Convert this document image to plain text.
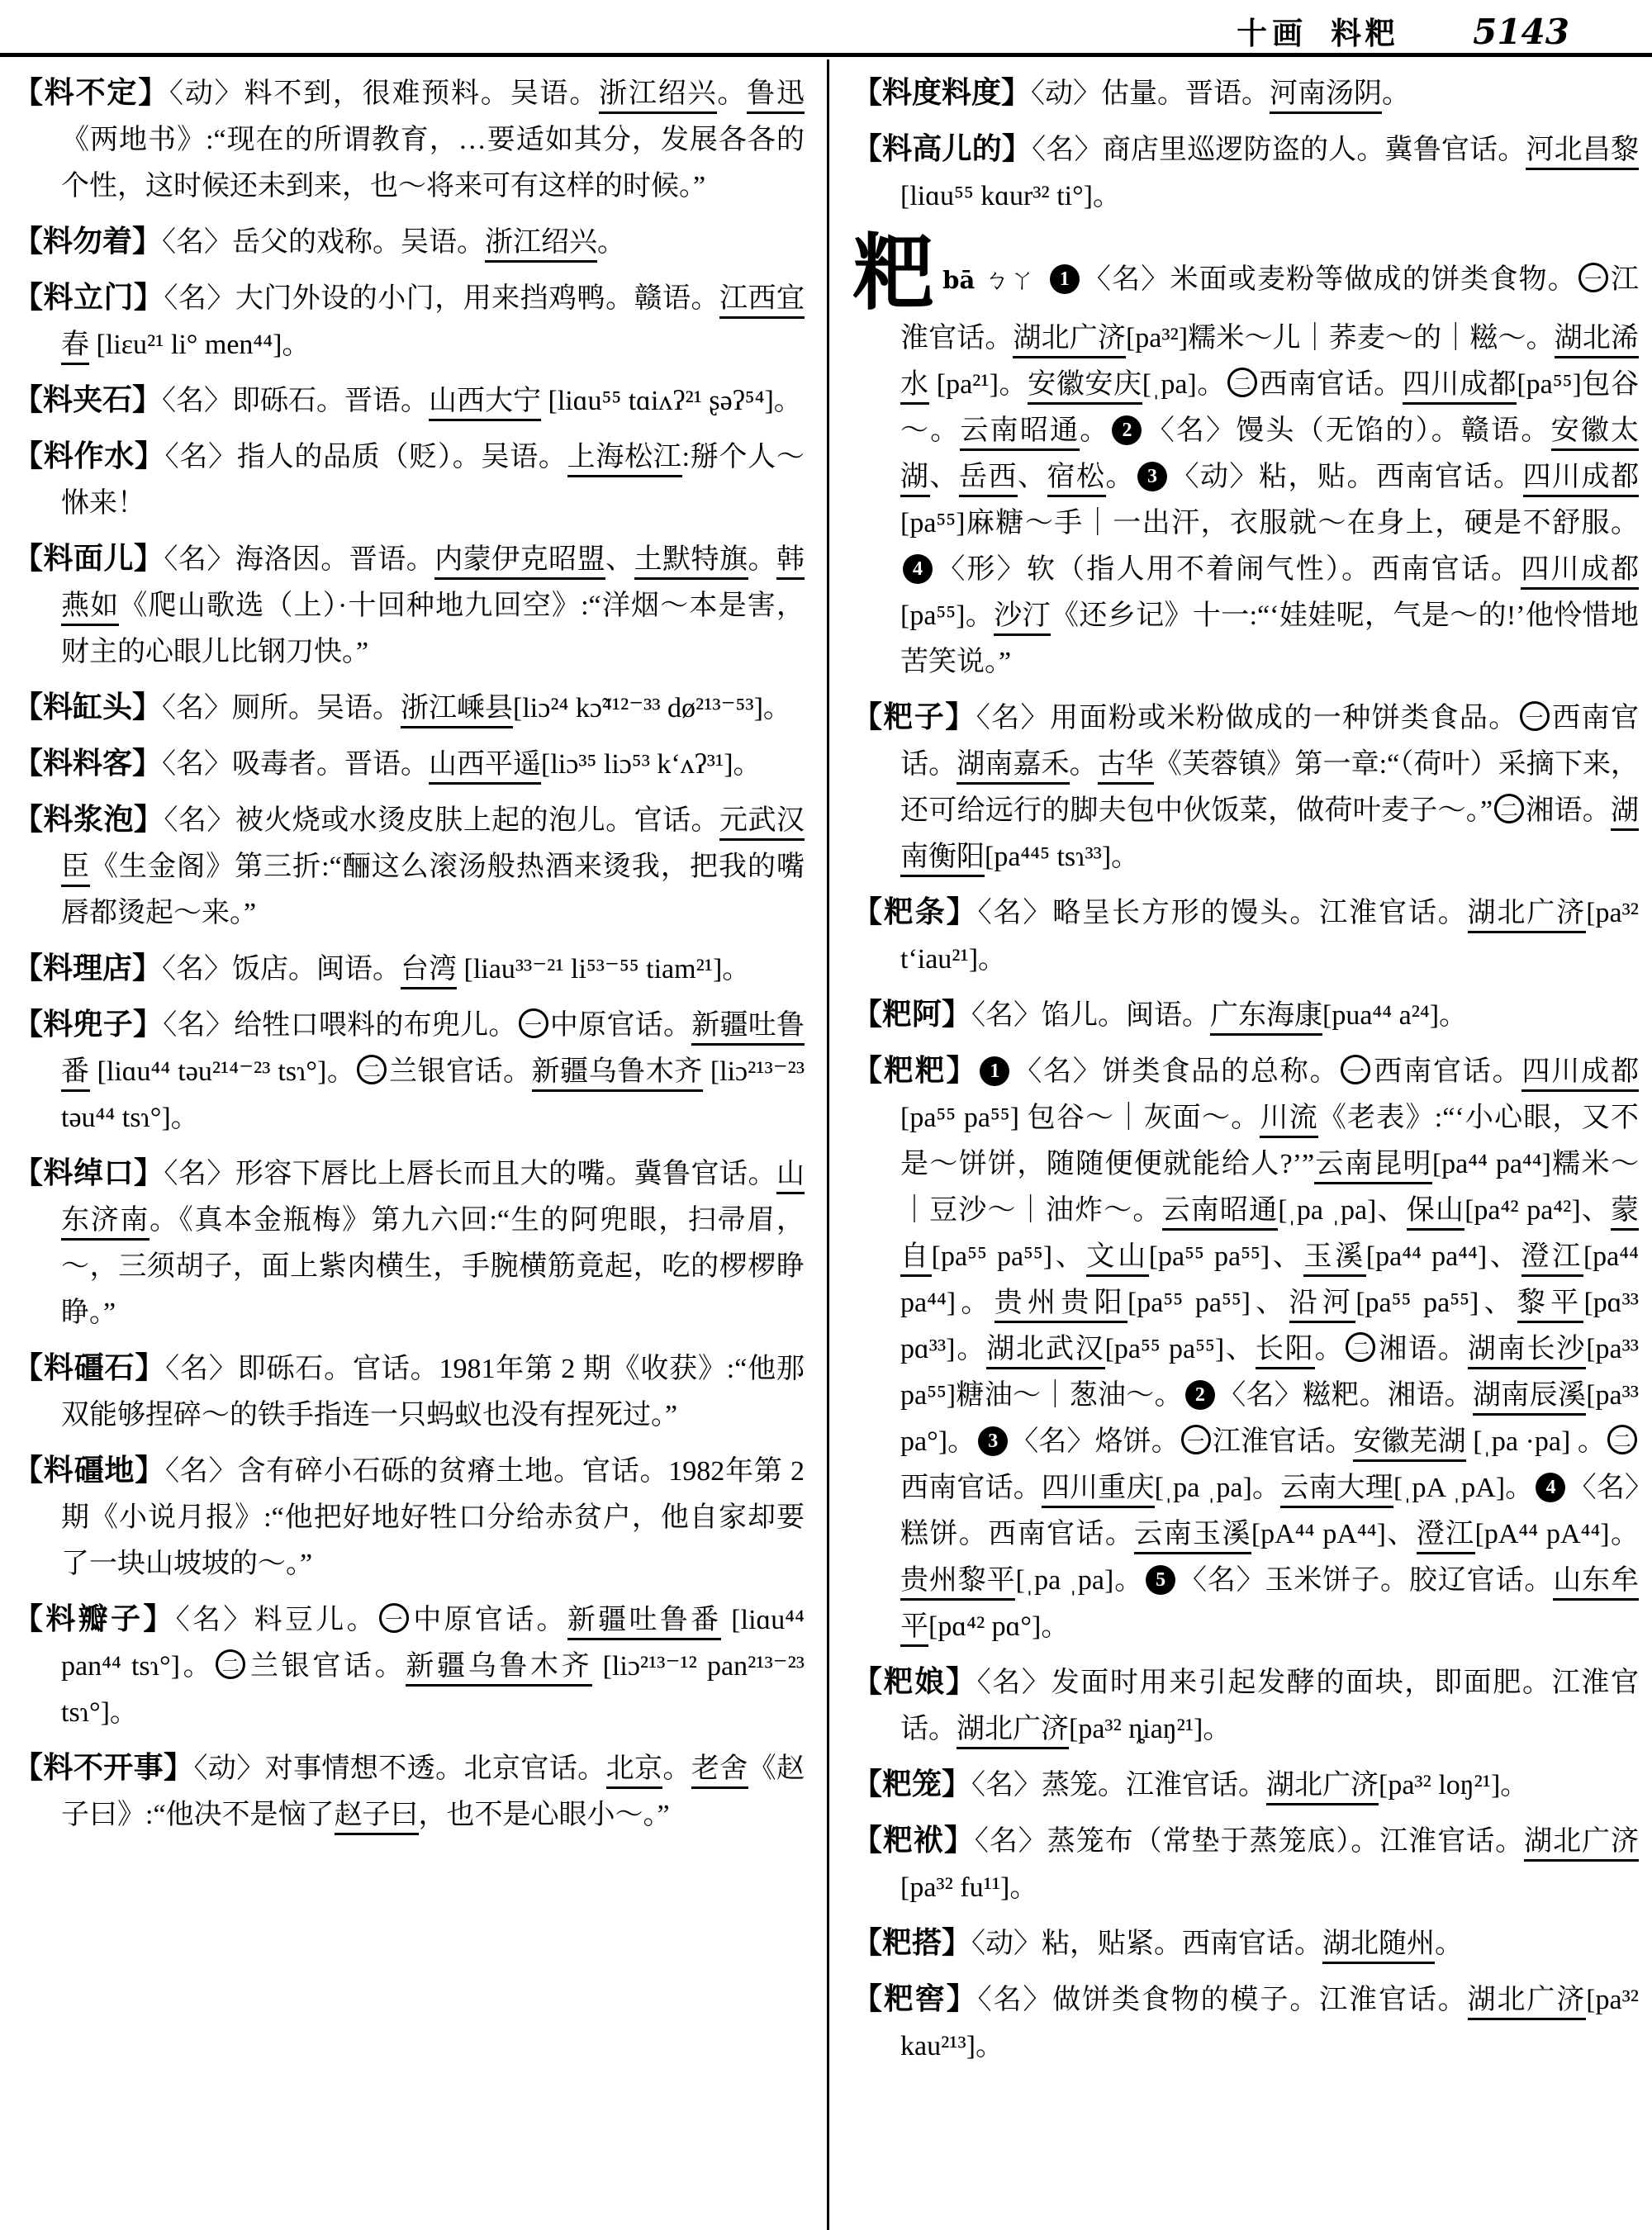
十画 料粑 5143
【料不定】〈动〉料不到，很难预料。吴语。浙江绍兴。鲁迅《两地书》:“现在的所谓教育，…要适如其分，发展各各的个性，这时候还未到来，也～将来可有这样的时候。”
【料勿着】〈名〉岳父的戏称。吴语。浙江绍兴。
【料立门】〈名〉大门外设的小门，用来挡鸡鸭。赣语。江西宜春 [liɛu²¹ li° men⁴⁴]。
【料夹石】〈名〉即砾石。晋语。山西大宁 [liɑu⁵⁵ tɑiʌʔ²¹ ʂəʔ⁵⁴]。
【料作水】〈名〉指人的品质（贬）。吴语。上海松江:掰个人～恘来！
【料面儿】〈名〉海洛因。晋语。内蒙伊克昭盟、土默特旗。韩燕如《爬山歌选（上）·十回种地九回空》:“洋烟～本是害，财主的心眼儿比钢刀快。”
【料缸头】〈名〉厕所。吴语。浙江嵊县[liɔ²⁴ kɔ̃⁴¹²⁻³³ dø²¹³⁻⁵³]。
【料料客】〈名〉吸毒者。晋语。山西平遥[liɔ³⁵ liɔ⁵³ k‘ʌʔ³¹]。
【料浆泡】〈名〉被火烧或水烫皮肤上起的泡儿。官话。元武汉臣《生金阁》第三折:“酾这么滚汤般热酒来烫我，把我的嘴唇都烫起～来。”
【料理店】〈名〉饭店。闽语。台湾 [liau³³⁻²¹ li⁵³⁻⁵⁵ tiam²¹]。
【料兜子】〈名〉给牲口喂料的布兜儿。 一 中原官话。新疆吐鲁番 [liɑu⁴⁴ təu²¹⁴⁻²³ tsɿ°]。 二 兰银官话。新疆乌鲁木齐 [liɔ²¹³⁻²³ təu⁴⁴ tsɿ°]。
【料绰口】〈名〉形容下唇比上唇长而且大的嘴。冀鲁官话。山东济南。《真本金瓶梅》第九六回:“生的阿兜眼，扫帚眉，～，三须胡子，面上紫肉横生，手腕横筋竟起，吃的椤椤睁睁。”
【料礓石】〈名〉即砾石。官话。1981年第 2 期《收获》:“他那双能够捏碎～的铁手指连一只蚂蚁也没有捏死过。”
【料礓地】〈名〉含有碎小石砾的贫瘠土地。官话。1982年第 2 期《小说月报》:“他把好地好牲口分给赤贫户，他自家却要了一块山坡坡的～。”
【料瓣子】〈名〉料豆儿。 一 中原官话。新疆吐鲁番 [liɑu⁴⁴ pan⁴⁴ tsɿ°]。 二 兰银官话。新疆乌鲁木齐 [liɔ²¹³⁻¹² pan²¹³⁻²³ tsɿ°]。
【料不开事】〈动〉对事情想不透。北京官话。北京。老舍《赵子曰》:“他决不是恼了赵子曰，也不是心眼小～。”
【料度料度】〈动〉估量。晋语。河南汤阴。
【料高儿的】〈名〉商店里巡逻防盗的人。冀鲁官话。河北昌黎[liɑu⁵⁵ kɑur³² ti°]。
粑bā ㄅㄚ 1 〈名〉米面或麦粉等做成的饼类食物。 一 江淮官话。湖北广济[pa³²]糯米～儿｜荞麦～的｜糍～。湖北浠水 [pa²¹]。安徽安庆[ˌpa]。 二 西南官话。四川成都[pa⁵⁵]包谷～。云南昭通。 2 〈名〉馒头（无馅的）。赣语。安徽太湖、岳西、宿松。 3 〈动〉粘，贴。西南官话。四川成都[pa⁵⁵]麻糖～手｜一出汗，衣服就～在身上，硬是不舒服。4 〈形〉软（指人用不着闹气性）。西南官话。四川成都[pa⁵⁵]。沙汀《还乡记》十一:“‘娃娃呢，气是～的!’他怜惜地苦笑说。”
【粑子】〈名〉用面粉或米粉做成的一种饼类食品。 一 西南官话。湖南嘉禾。古华《芙蓉镇》第一章:“（荷叶）采摘下来，还可给远行的脚夫包中伙饭菜，做荷叶麦子～。” 二 湘语。湖南衡阳[pa⁴⁴⁵ tsɿ³³]。
【粑条】〈名〉略呈长方形的馒头。江淮官话。湖北广济[pa³² t‘iau²¹]。
【粑阿】〈名〉馅儿。闽语。广东海康[pua⁴⁴ a²⁴]。
【粑粑】 1 〈名〉饼类食品的总称。 一 西南官话。四川成都 [pa⁵⁵ pa⁵⁵] 包谷～｜灰面～。川流《老表》:“‘小心眼，又不是～饼饼，随随便便就能给人?’”云南昆明[pa⁴⁴ pa⁴⁴]糯米～｜豆沙～｜油炸～。云南昭通[ˌpa ˌpa]、保山[pa⁴² pa⁴²]、蒙自[pa⁵⁵ pa⁵⁵]、文山[pa⁵⁵ pa⁵⁵]、玉溪[pa⁴⁴ pa⁴⁴]、澄江[pa⁴⁴ pa⁴⁴]。贵州贵阳[pa⁵⁵ pa⁵⁵]、沿河[pa⁵⁵ pa⁵⁵]、黎平[pɑ³³ pɑ³³]。湖北武汉[pa⁵⁵ pa⁵⁵]、长阳。 二 湘语。湖南长沙[pa³³ pa⁵⁵]糖油～｜葱油～。 2 〈名〉糍粑。湘语。湖南辰溪[pa³³ pa°]。 3 〈名〉烙饼。 一 江淮官话。安徽芜湖 [ˌpa ·pa] 。 二西南官话。四川重庆[ˌpa ˌpa]。云南大理[ˌpA ˌpA]。 4 〈名〉糕饼。西南官话。云南玉溪[pA⁴⁴ pA⁴⁴]、澄江[pA⁴⁴ pA⁴⁴]。贵州黎平[ˌpa ˌpa]。 5 〈名〉玉米饼子。胶辽官话。山东牟平[pɑ⁴² pɑ°]。
【粑娘】〈名〉发面时用来引起发酵的面块，即面肥。江淮官话。湖北广济[pa³² ȵiaŋ²¹]。
【粑笼】〈名〉蒸笼。江淮官话。湖北广济[pa³² loŋ²¹]。
【粑袱】〈名〉蒸笼布（常垫于蒸笼底）。江淮官话。湖北广济[pa³² fu¹¹]。
【粑搭】〈动〉粘，贴紧。西南官话。湖北随州。
【粑窖】〈名〉做饼类食物的模子。江淮官话。湖北广济[pa³² kau²¹³]。
